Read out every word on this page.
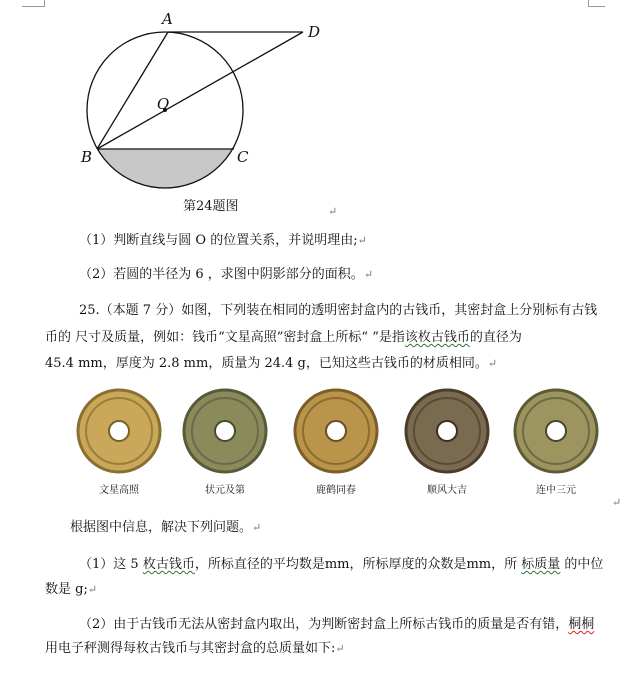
A
D
O
B	C
第24题图	↵
（1）判断直线与圆 O 的位置关系，并说明理由;↵
（2）若圆的半径为 6 ，求图中阴影部分的面积。↵
25.（本题 7 分）如图，下列装在相同的透明密封盒内的古钱币，其密封盒上分别标有古钱
币的 尺寸及质量，例如：钱币“文星高照”密封盒上所标“ ”是指该枚古钱币的直径为
45.4 mm，厚度为 2.8 mm，质量为 24.4 g，已知这些古钱币的材质相同。↵
文星高照	状元及第	鹿鹤同春	顺风大吉	连中三元
↵
根据图中信息，解决下列问题。↵
（1）这 5 枚古钱币，所标直径的平均数是mm，所标厚度的众数是mm，所 标质量 的中位
数是 g;↵
（2）由于古钱币无法从密封盒内取出，为判断密封盒上所标古钱币的质量是否有错，桐桐
用电子秤测得每枚古钱币与其密封盒的总质量如下:↵
